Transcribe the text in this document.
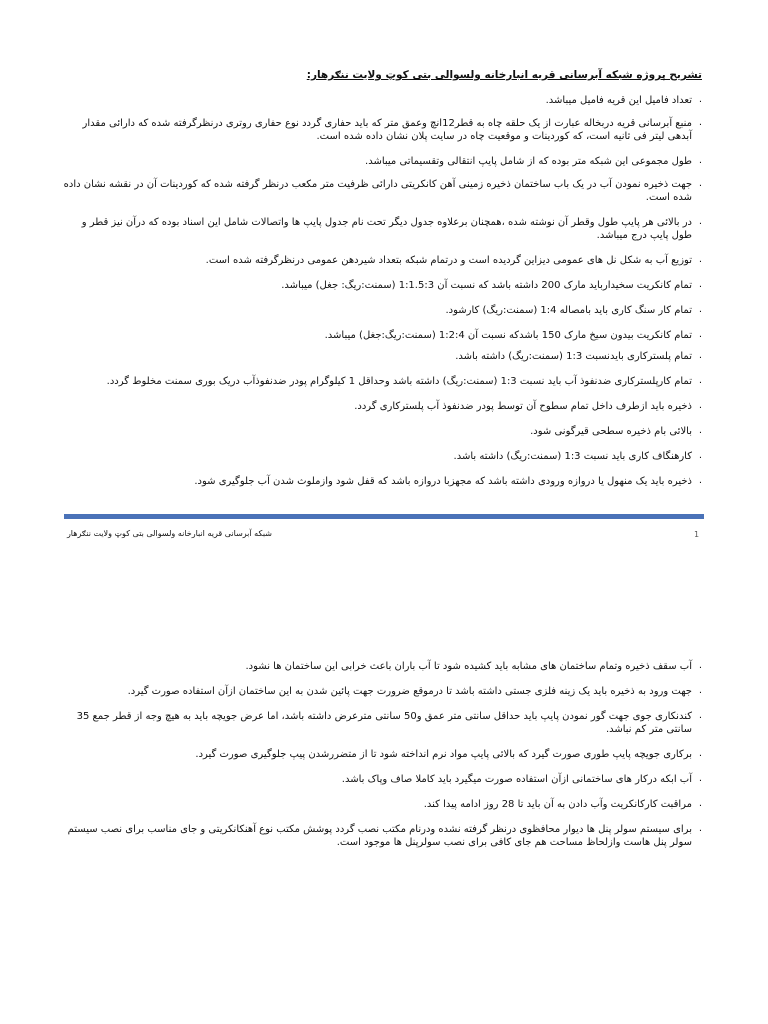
تشریح پروژه شبکه آبرسانی قریه انبارخانه ولسوالی بتی کوټ ولایت ننګرهار:
. تعداد فامیل این قریه فامیل میباشد.
. منبع آبرسانی قریه دربخاله عبارت از یک حلقه چاه به قطر12انچ وعمق متر که باید حفاری گردد نوع حفاری روتری درنظرگرفته شده که دارائی مقدار آبدهی لیتر فی ثانیه است، که کوردینات و موقعیت چاه در سایت پلان نشان داده شده است.
. طول مجموعی این شبکه متر بوده که از شامل پایپ انتقالی وتقسیماتی میباشد.
. جهت ذخیره نمودن آب در یک باب ساختمان ذخیره زمینی آهن کانکریتی دارائی ظرفیت متر مکعب درنظر گرفته شده که کوردینات آن در نقشه نشان داده شده است.
. در بالائی هر پایپ طول وقطر آن نوشته شده ،همچنان برعلاوه جدول دیگر تحت نام جدول پایپ ها واتصالات شامل این اسناد بوده که درآن نیز قطر و طول پایپ درج میباشد.
. توزیع آب به شکل نل های عمومی دیزاین گردیده است و درتمام شبکه بتعداد شیردهن عمومی درنظرگرفته شده است.
. تمام کانکریت سخیدارباید مارک 200 داشته باشد که نسبت آن 1:1.5:3 (سمنت:ریگ: جغل) میباشد.
. تمام کار سنگ کاری باید بامصاله 1:4 (سمنت:ریگ) کارشود.
. تمام کانکریت بیدون سیخ مارک 150 باشدکه نسبت آن 1:2:4 (سمنت:ریگ:جغل) میباشد.
. تمام پلسترکاری بایدنسبت 1:3 (سمنت:ریگ) داشته باشد.
. تمام کارپلسترکاری ضدنفوذ آب باید نسبت 1:3 (سمنت:ریگ) داشته باشد وحداقل 1 کیلوگرام پودر ضدنفوذآب دریک بوری سمنت مخلوط گردد.
. ذخیره باید ازطرف داخل تمام سطوح آن توسط پودر ضدنفوذ آب پلسترکاری گردد.
. بالائی بام ذخیره سطحی قیرگونی شود.
. کارهنگاف کاری باید نسبت 1:3 (سمنت:ریگ) داشته باشد.
. ذخیره باید یک منهول یا دروازه ورودی داشته باشد که مجهزبا دروازه باشد که قفل شود وازملوث شدن آب جلوگیری شود.
شبکه آبرسانی قریه انبارخانه ولسوالی بتی کوټ ولایت ننګرهار	1
. آب سقف ذخیره وتمام ساختمان های مشابه باید کشیده شود تا آب باران باعث خرابی این ساختمان ها نشود.
. جهت ورود به ذخیره باید یک زینه فلزی جستی داشته باشد تا درموقع ضرورت جهت پائین شدن به این ساختمان ازآن استفاده صورت گیرد.
. کندنکاری جوی جهت گور نمودن پایپ باید حداقل سانتی متر عمق و50 سانتی مترعرض داشته باشد، اما عرض جویچه باید به هیچ وجه از قطر جمع 35 سانتی متر کم نباشد.
. برکاری جویچه پایپ طوری صورت گیرد که بالائی پایپ مواد نرم انداخته شود تا از متضررشدن پیپ جلوگیری صورت گیرد.
. آب ابکه درکار های ساختمانی ازآن استفاده صورت میگیرد باید کاملا صاف وپاک باشد.
. مراقبت کارکانکریت وآب دادن به آن باید تا 28 روز ادامه پیدا کند.
. برای سیستم سولر پنل ها دیوار محافظوی درنظر گرفته نشده ودرنام مکتب نصب گردد پوشش مکتب نوع آهنکانکریتی و جای مناسب برای نصب سیستم سولر پنل هاست وازلحاظ مساحت هم جای کافی برای نصب سولرپنل ها موجود است.
